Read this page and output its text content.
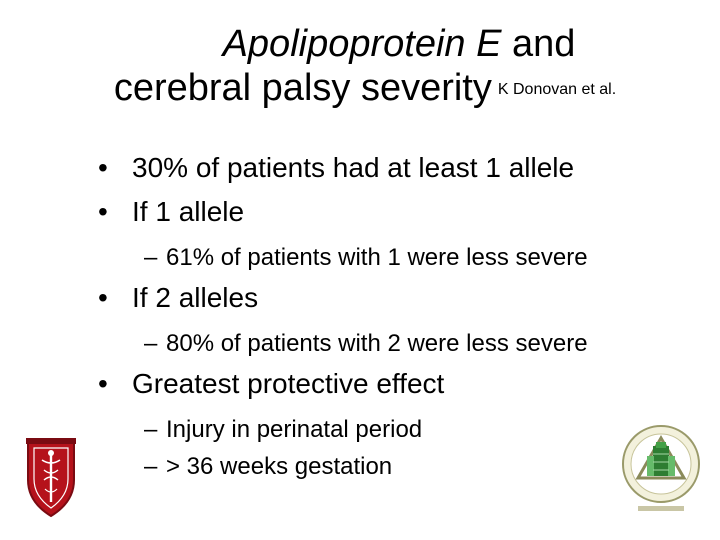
Apolipoprotein E and
cerebral palsy severity K Donovan et al.
• 30% of patients had at least 1 allele
• If 1 allele
– 61% of patients with 1 were less severe
• If 2 alleles
– 80% of patients with 2 were less severe
• Greatest protective effect
– Injury in perinatal period
– > 36 weeks gestation
